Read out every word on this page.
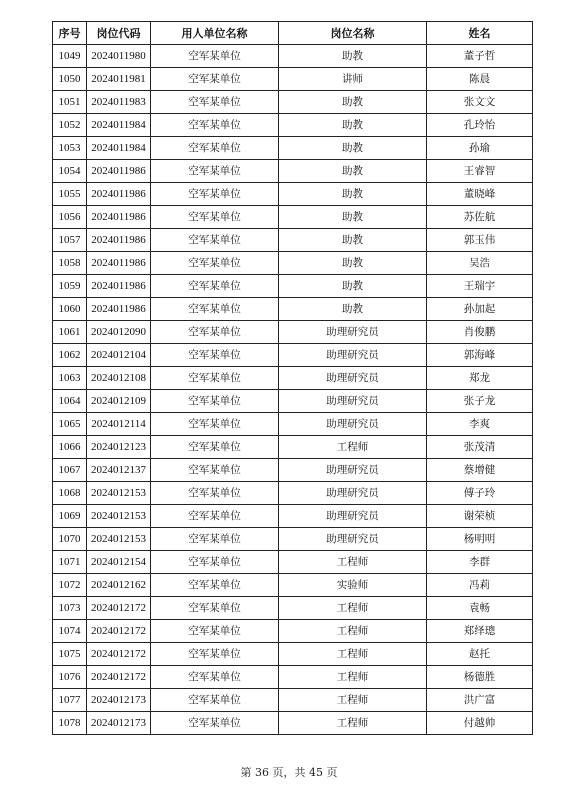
序号	岗位代码	用人单位名称	岗位名称	姓名
1049	2024011980	空军某单位	助教	董子哲
1050	2024011981	空军某单位	讲师	陈晨
1051	2024011983	空军某单位	助教	张文文
1052	2024011984	空军某单位	助教	孔玲怡
1053	2024011984	空军某单位	助教	孙瑜
1054	2024011986	空军某单位	助教	王睿智
1055	2024011986	空军某单位	助教	董晓峰
1056	2024011986	空军某单位	助教	苏佐航
1057	2024011986	空军某单位	助教	郭玉伟
1058	2024011986	空军某单位	助教	吴浩
1059	2024011986	空军某单位	助教	王瑞宇
1060	2024011986	空军某单位	助教	孙加起
1061	2024012090	空军某单位	助理研究员	肖俊鹏
1062	2024012104	空军某单位	助理研究员	郭海峰
1063	2024012108	空军某单位	助理研究员	郑龙
1064	2024012109	空军某单位	助理研究员	张子龙
1065	2024012114	空军某单位	助理研究员	李爽
1066	2024012123	空军某单位	工程师	张茂清
1067	2024012137	空军某单位	助理研究员	蔡增健
1068	2024012153	空军某单位	助理研究员	傅子玲
1069	2024012153	空军某单位	助理研究员	谢荣桢
1070	2024012153	空军某单位	助理研究员	杨明明
1071	2024012154	空军某单位	工程师	李群
1072	2024012162	空军某单位	实验师	冯莉
1073	2024012172	空军某单位	工程师	袁畅
1074	2024012172	空军某单位	工程师	郑绎璁
1075	2024012172	空军某单位	工程师	赵托
1076	2024012172	空军某单位	工程师	杨德胜
1077	2024012173	空军某单位	工程师	洪广富
1078	2024012173	空军某单位	工程师	付越帅
第 36 页，共 45 页
